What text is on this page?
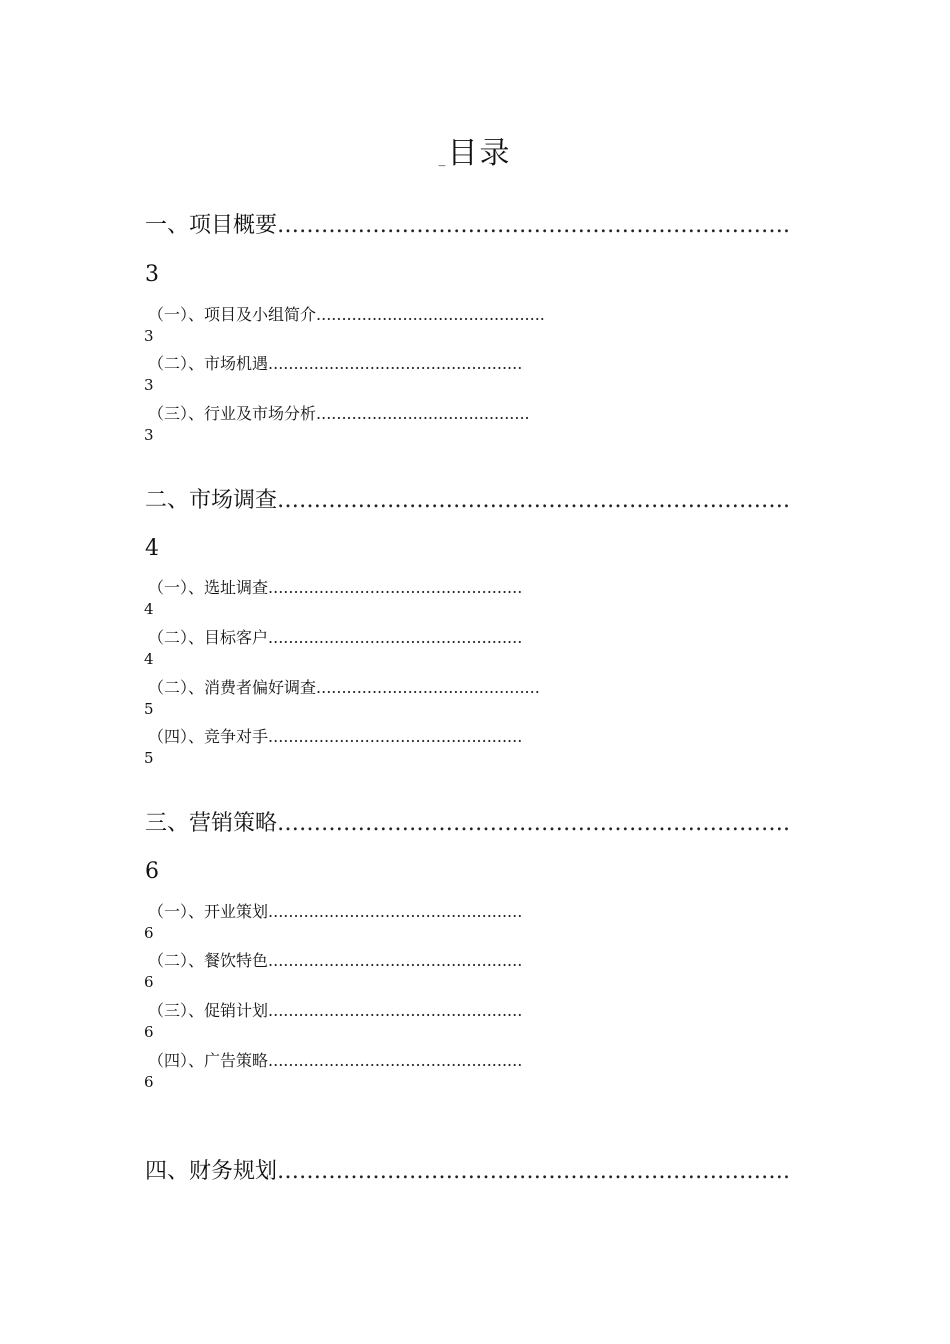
_目录
一、项目概要…………………………………………………………….
3
（一）、项目及小组简介.............................................
3
（二）、市场机遇..................................................
3
（三）、行业及市场分析..........................................
3
二、市场调查…………………………………………………………….
4
（一）、选址调查..................................................
4
（二）、目标客户..................................................
4
（二）、消费者偏好调查............................................
5
（四）、竞争对手..................................................
5
三、营销策略…………………………………………………………….
6
（一）、开业策划..................................................
6
（二）、餐饮特色..................................................
6
（三）、促销计划..................................................
6
（四）、广告策略..................................................
6
四、财务规划…………………………………………………………….
